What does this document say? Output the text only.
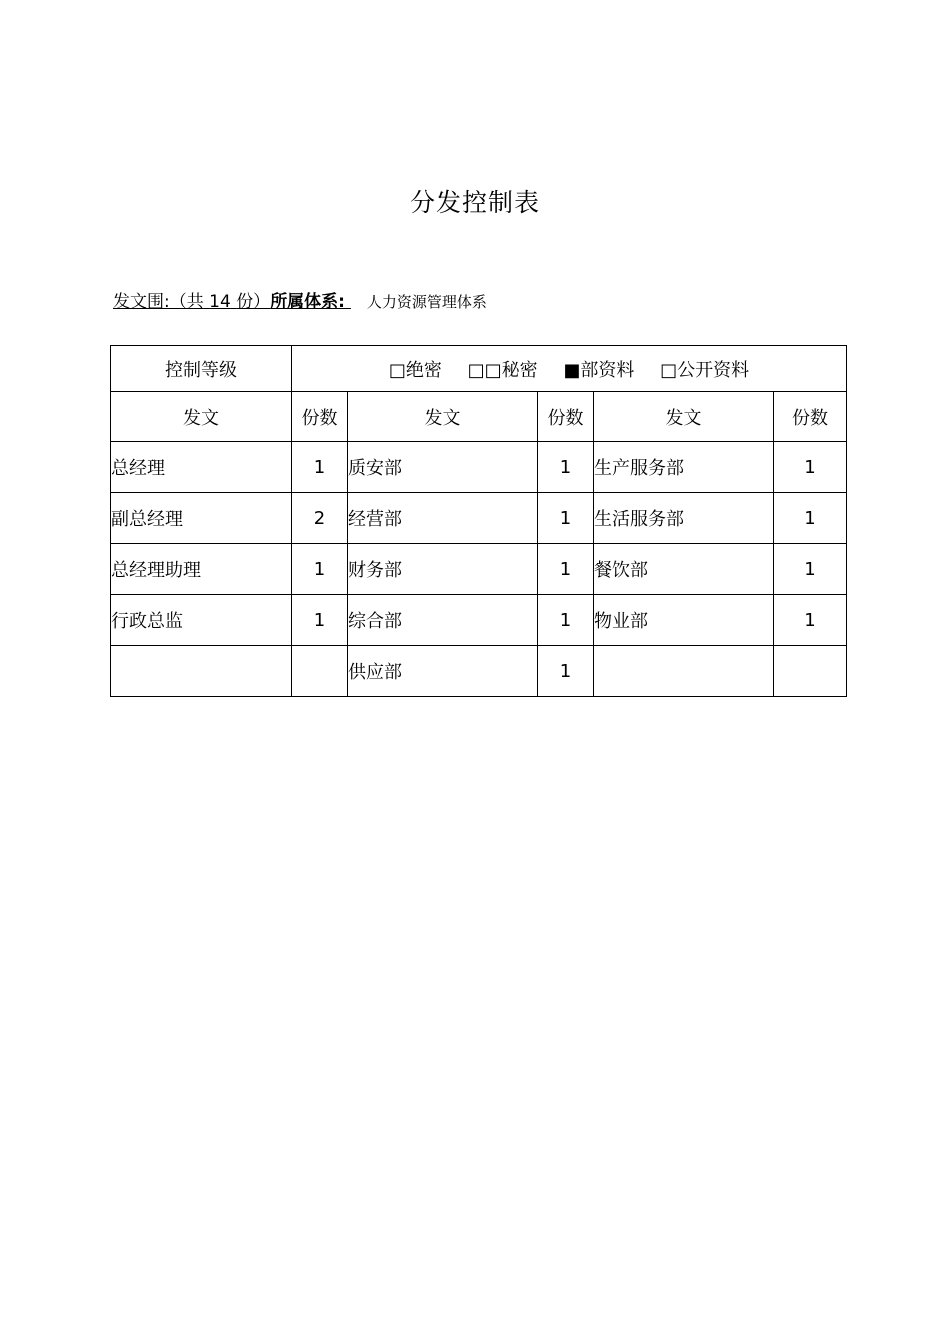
分发控制表
发文围:（共 14 份）所属体系: 人力资源管理体系
控制等级	□绝密 □□秘密 ■部资料 □公开资料				
发文	份数	发文	份数	发文	份数
总经理	1	质安部	1	生产服务部	1
副总经理	2	经营部	1	生活服务部	1
总经理助理	1	财务部	1	餐饮部	1
行政总监	1	综合部	1	物业部	1
		供应部	1		
